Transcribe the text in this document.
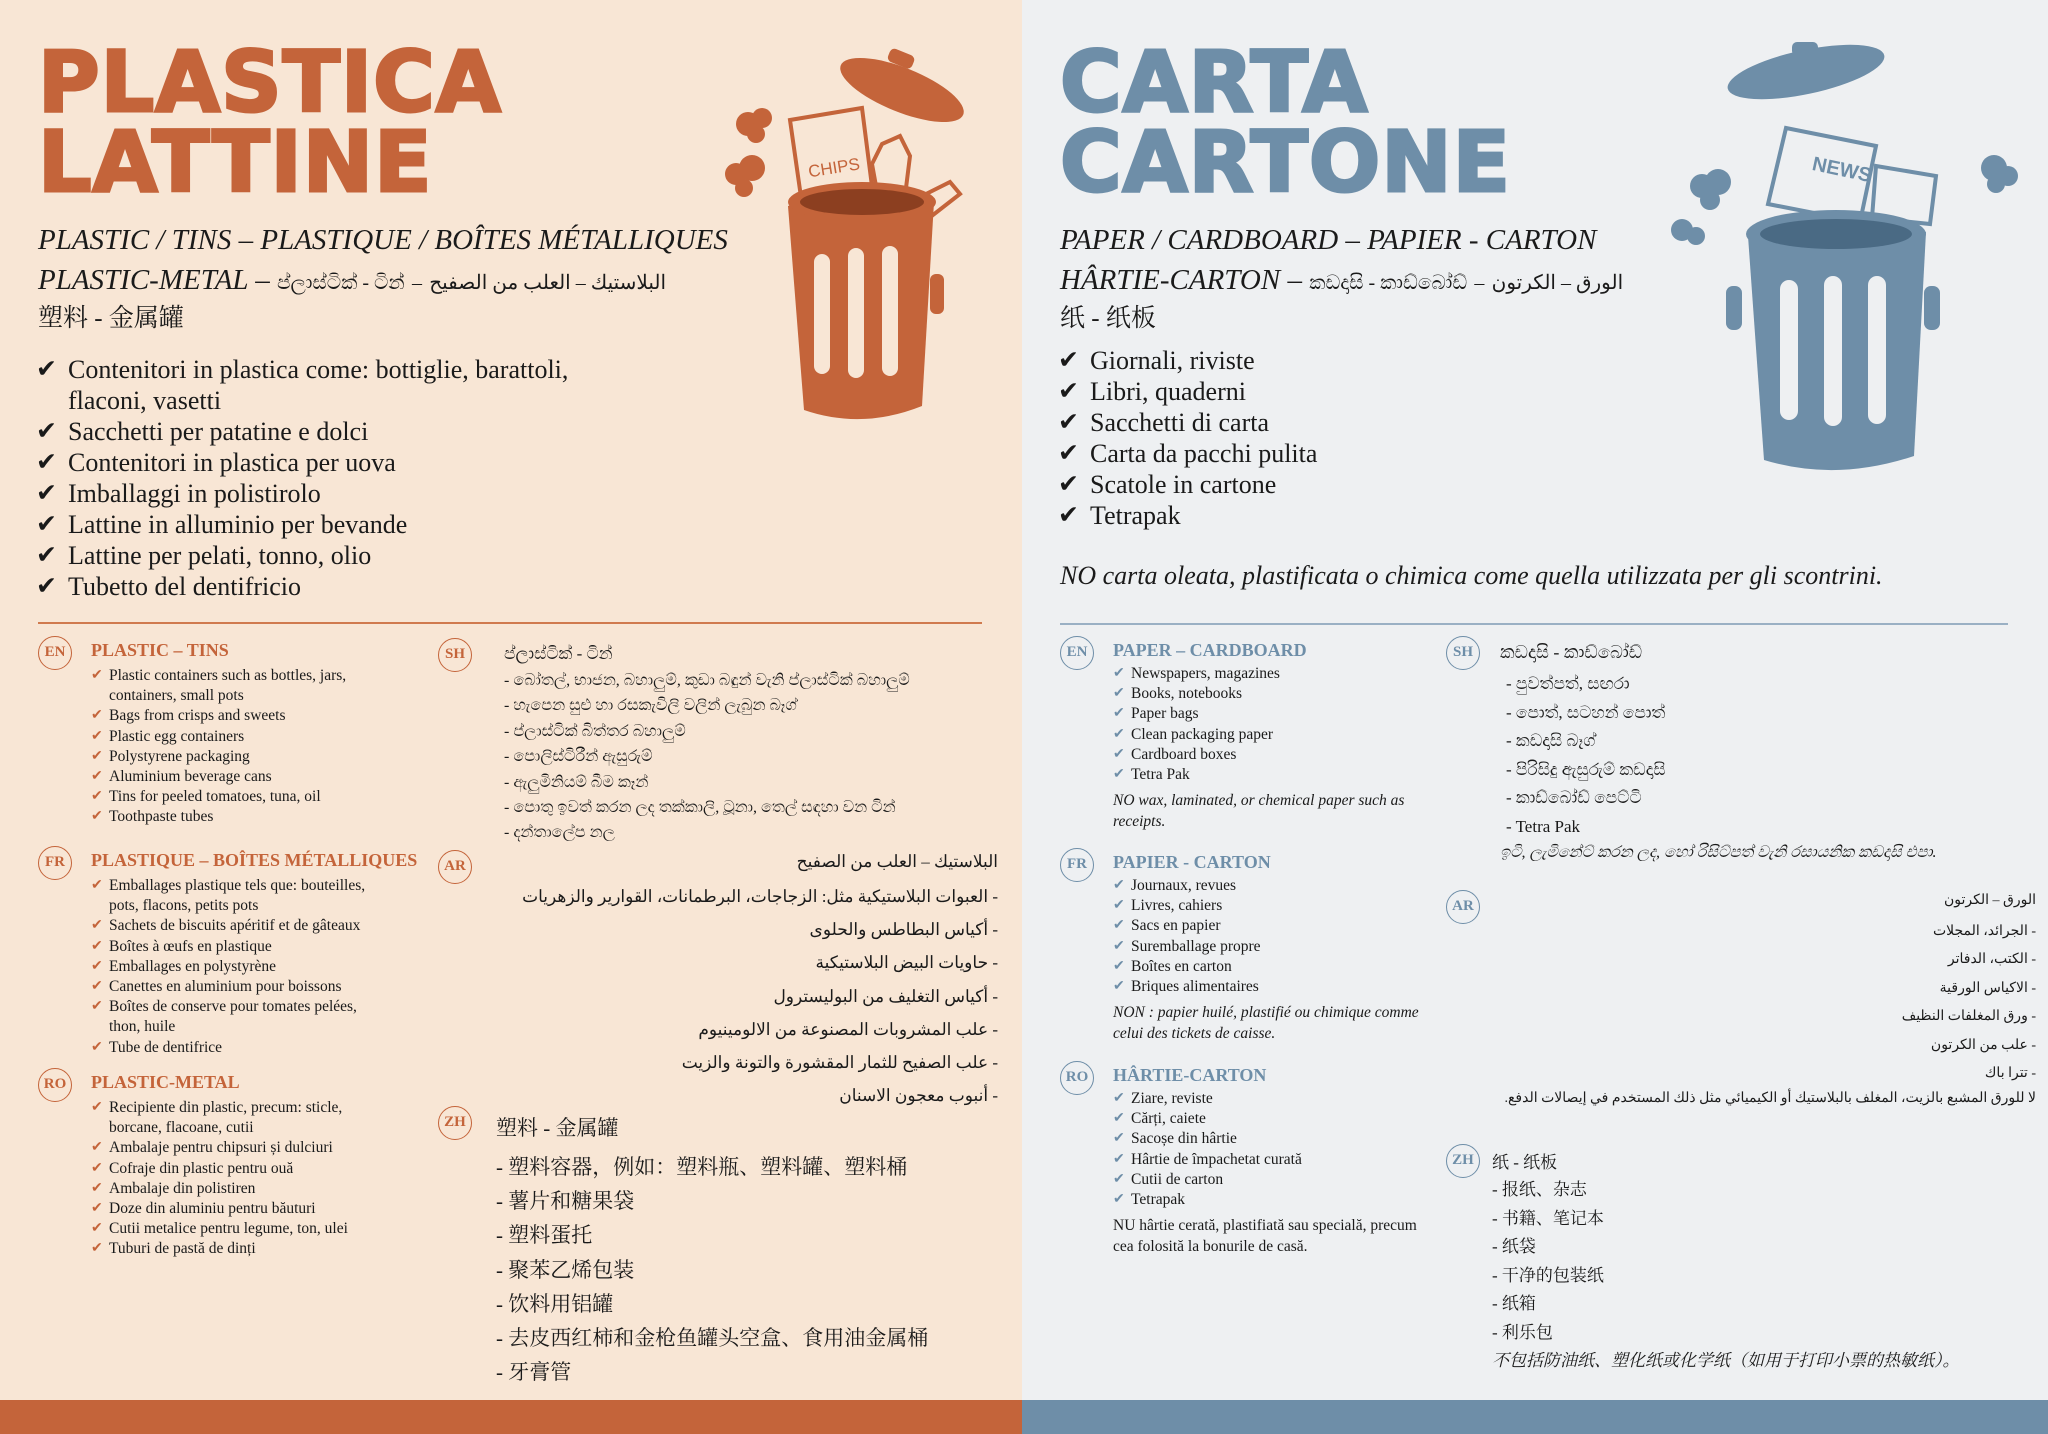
PLASTICA
LATTINE	CHIPS
PLASTIC / TINS – PLASTIQUE / BOÎTES MÉTALLIQUES
PLASTIC-METAL – ප්ලාස්ටික් - ටින් – البلاستيك – العلب من الصفيح
塑料 - 金属罐
✔ Contenitori in plastica come: bottiglie, barattoli, flaconi, vasetti
✔ Sacchetti per patatine e dolci
✔ Contenitori in plastica per uova
✔ Imballaggi in polistirolo
✔ Lattine in alluminio per bevande
✔ Lattine per pelati, tonno, olio
✔ Tubetto del dentifricio
EN	PLASTIC – TINS
✔ Plastic containers such as bottles, jars, containers, small pots
✔ Bags from crisps and sweets
✔ Plastic egg containers
✔ Polystyrene packaging
✔ Aluminium beverage cans
✔ Tins for peeled tomatoes, tuna, oil
✔ Toothpaste tubes
FR	PLASTIQUE – BOÎTES MÉTALLIQUES
✔ Emballages plastique tels que: bouteilles, pots, flacons, petits pots
✔ Sachets de biscuits apéritif et de gâteaux
✔ Boîtes à œufs en plastique
✔ Emballages en polystyrène
✔ Canettes en aluminium pour boissons
✔ Boîtes de conserve pour tomates pelées, thon, huile
✔ Tube de dentifrice
RO	PLASTIC-METAL
✔ Recipiente din plastic, precum: sticle, borcane, flacoane, cutii
✔ Ambalaje pentru chipsuri și dulciuri
✔ Cofraje din plastic pentru ouă
✔ Ambalaje din polistiren
✔ Doze din aluminiu pentru băuturi
✔ Cutii metalice pentru legume, ton, ulei
✔ Tuburi de pastă de dinți
SH	ප්ලාස්ටික් - ටින්
- බෝතල්, භාජන, බහාලුම්, කුඩා බඳුන් වැනි ප්ලාස්ටික් බහාලුම්
- හැපෙන සුළු හා රසකැවිලි වලින් ලැබුන බෑග්
- ප්ලාස්ටික් බිත්තර බහාලුම්
- පොලිස්ටිරීන් ඇසුරුම්
- ඇලුමිනියම් බීම කෑන්
- පොතු ඉවත් කරන ලද තක්කාලි, ටූනා, තෙල් සඳහා වන ටින්
- දන්තාලේප නල
AR	البلاستيك – العلب من الصفيح
- العبوات البلاستيكية مثل: الزجاجات، البرطمانات، القوارير والزهريات
- أكياس البطاطس والحلوى
- حاويات البيض البلاستيكية
- أكياس التغليف من البوليسترول
- علب المشروبات المصنوعة من الالومينيوم
- علب الصفيح للثمار المقشورة والتونة والزيت
- أنبوب معجون الاسنان
ZH 塑料 - 金属罐
- 塑料容器，例如：塑料瓶、塑料罐、塑料桶
- 薯片和糖果袋
- 塑料蛋托
- 聚苯乙烯包装
- 饮料用铝罐
- 去皮西红柿和金枪鱼罐头空盒、食用油金属桶
- 牙膏管
CARTA
CARTONE	NEWS
PAPER / CARDBOARD – PAPIER - CARTON
HÂRTIE-CARTON – කඩදාසි - කාඩ්බෝඩ් – الورق – الكرتون
纸 - 纸板
✔ Giornali, riviste
✔ Libri, quaderni
✔ Sacchetti di carta
✔ Carta da pacchi pulita
✔ Scatole in cartone
✔ Tetrapak
NO carta oleata, plastificata o chimica come quella utilizzata per gli scontrini.
EN	PAPER – CARDBOARD
✔ Newspapers, magazines
✔ Books, notebooks
✔ Paper bags
✔ Clean packaging paper
✔ Cardboard boxes
✔ Tetra Pak
NO wax, laminated, or chemical paper such as receipts.
FR	PAPIER - CARTON
✔ Journaux, revues
✔ Livres, cahiers
✔ Sacs en papier
✔ Suremballage propre
✔ Boîtes en carton
✔ Briques alimentaires
NON : papier huilé, plastifié ou chimique comme celui des tickets de caisse.
RO	HÂRTIE-CARTON
✔ Ziare, reviste
✔ Cărți, caiete
✔ Sacoșe din hârtie
✔ Hârtie de împachetat curată
✔ Cutii de carton
✔ Tetrapak
NU hârtie cerată, plastifiată sau specială, precum cea folosită la bonurile de casă.
SH	කඩදාසි - කාඩ්බෝඩ්
- පුවත්පත්, සඟරා
- පොත්, සටහන් පොත්
- කඩදාසි බෑග්
- පිරිසිදු ඇසුරුම් කඩදාසි
- කාඩ්බෝඩ් පෙට්ටි
- Tetra Pak
ඉටි, ලැමිනේට් කරන ලද, හෝ රිසිට්පත් වැනි රසායනික කඩදාසි එපා.
AR	الورق – الكرتون
- الجرائد، المجلات
- الكتب، الدفاتر
- الاكياس الورقية
- ورق المغلفات النظيف
- علب من الكرتون
- تترا باك
لا للورق المشبع بالزيت، المغلف بالبلاستيك أو الكيميائي مثل ذلك المستخدم في إيصالات الدفع.
ZH	纸 - 纸板
- 报纸、杂志
- 书籍、笔记本
- 纸袋
- 干净的包装纸
- 纸箱
- 利乐包
不包括防油纸、塑化纸或化学纸（如用于打印小票的热敏纸）。
